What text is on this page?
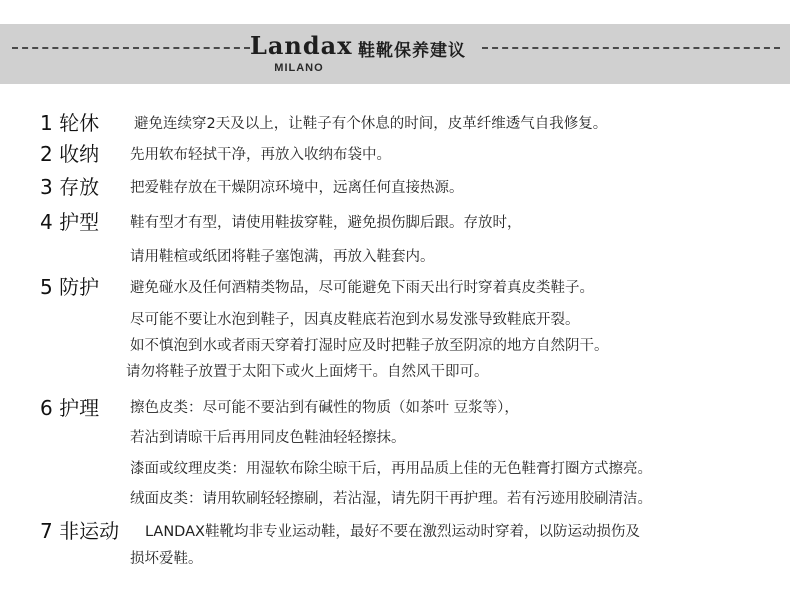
Landax
MILANO
鞋靴保养建议
1 轮休 避免连续穿2天及以上，让鞋子有个休息的时间，皮革纤维透气自我修复。
2 收纳 先用软布轻拭干净，再放入收纳布袋中。
3 存放 把爱鞋存放在干燥阴凉环境中，远离任何直接热源。
4 护型 鞋有型才有型，请使用鞋拔穿鞋，避免损伤脚后跟。存放时，
请用鞋楦或纸团将鞋子塞饱满，再放入鞋套内。
5 防护 避免碰水及任何酒精类物品，尽可能避免下雨天出行时穿着真皮类鞋子。
尽可能不要让水泡到鞋子，因真皮鞋底若泡到水易发涨导致鞋底开裂。
如不慎泡到水或者雨天穿着打湿时应及时把鞋子放至阴凉的地方自然阴干。
请勿将鞋子放置于太阳下或火上面烤干。自然风干即可。
6 护理 擦色皮类：尽可能不要沾到有碱性的物质（如茶叶 豆浆等），
若沾到请晾干后再用同皮色鞋油轻轻擦抹。
漆面或纹理皮类：用湿软布除尘晾干后，再用品质上佳的无色鞋膏打圈方式擦亮。
绒面皮类：请用软刷轻轻擦刷，若沾湿，请先阴干再护理。若有污迹用胶刷清洁。
7 非运动 LANDAX鞋靴均非专业运动鞋，最好不要在激烈运动时穿着，以防运动损伤及
损坏爱鞋。
